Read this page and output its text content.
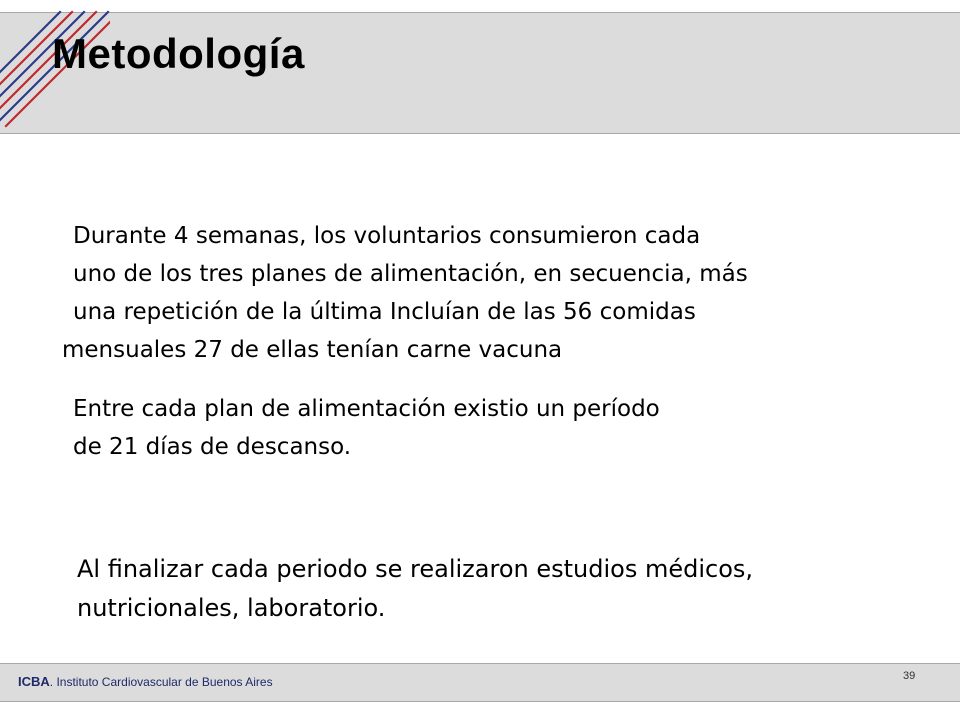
Metodología
Durante 4 semanas, los voluntarios consumieron cada
uno de los tres planes de alimentación, en secuencia, más
una repetición de la última Incluían de las 56 comidas
mensuales 27 de ellas tenían carne vacuna
Entre cada plan de alimentación existio un período
de 21 días de descanso.
Al finalizar cada periodo se realizaron estudios médicos,
nutricionales, laboratorio.
ICBA. Instituto Cardiovascular de Buenos Aires	39
